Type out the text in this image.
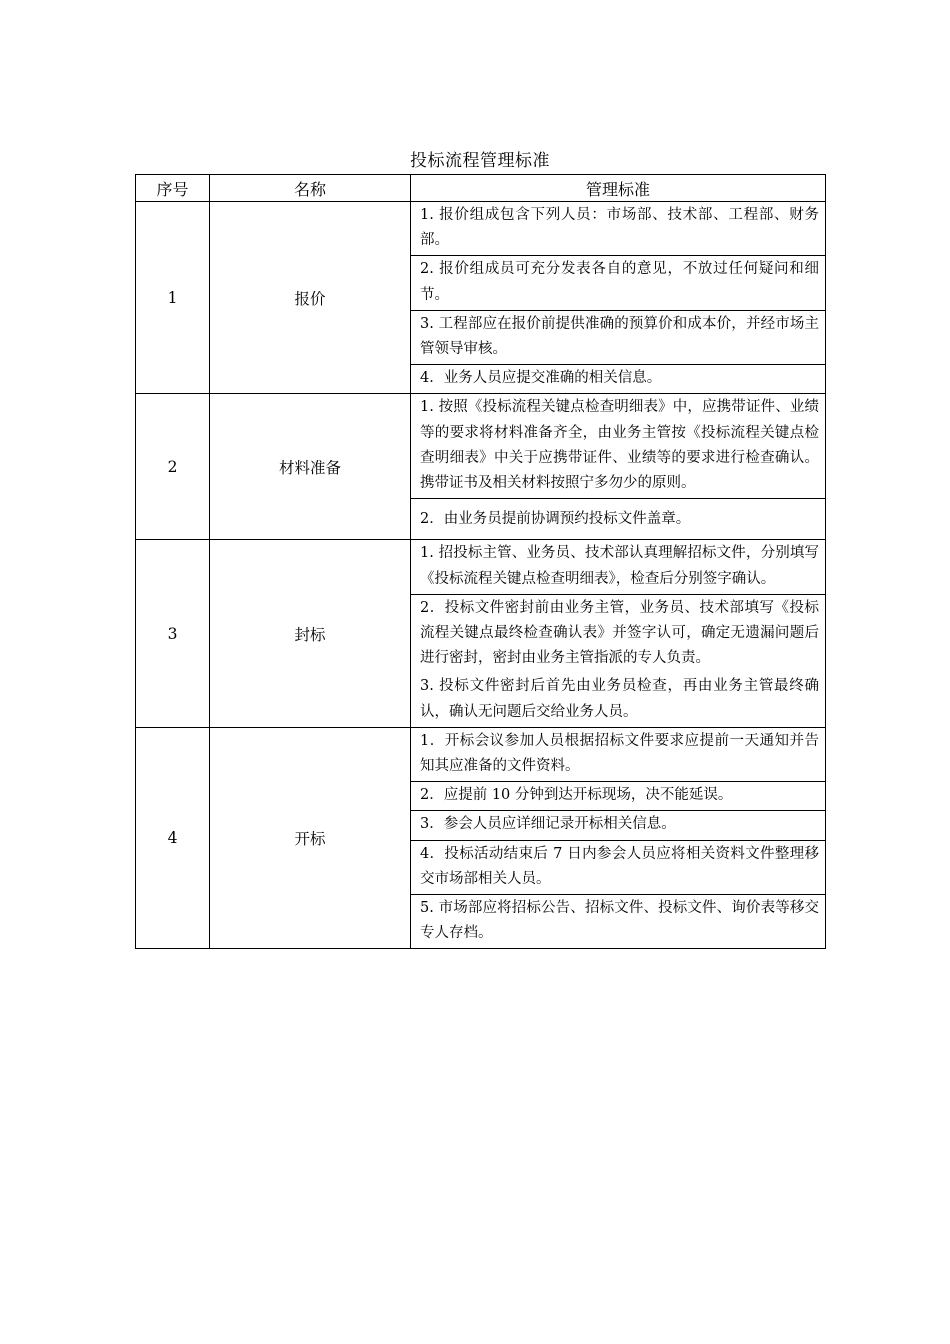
投标流程管理标准
序号	名称	管理标准
1	报价	1. 报价组成包含下列人员：市场部、技术部、工程部、财务部。
2. 报价组成员可充分发表各自的意见，不放过任何疑问和细节。
3. 工程部应在报价前提供准确的预算价和成本价，并经市场主管领导审核。
4．业务人员应提交准确的相关信息。

2	材料准备	1. 按照《投标流程关键点检查明细表》中，应携带证件、业绩等的要求将材料准备齐全，由业务主管按《投标流程关键点检查明细表》中关于应携带证件、业绩等的要求进行检查确认。携带证书及相关材料按照宁多勿少的原则。
2．由业务员提前协调预约投标文件盖章。

3	封标	1. 招投标主管、业务员、技术部认真理解招标文件，分别填写《投标流程关键点检查明细表》，检查后分别签字确认。
2．投标文件密封前由业务主管，业务员、技术部填写《投标流程关键点最终检查确认表》并签字认可，确定无遗漏问题后进行密封，密封由业务主管指派的专人负责。
3. 投标文件密封后首先由业务员检查，再由业务主管最终确认，确认无问题后交给业务人员。

4	开标	1．开标会议参加人员根据招标文件要求应提前一天通知并告知其应准备的文件资料。
2．应提前 10 分钟到达开标现场，决不能延误。
3．参会人员应详细记录开标相关信息。
4．投标活动结束后 7 日内参会人员应将相关资料文件整理移交市场部相关人员。
5. 市场部应将招标公告、招标文件、投标文件、询价表等移交专人存档。
